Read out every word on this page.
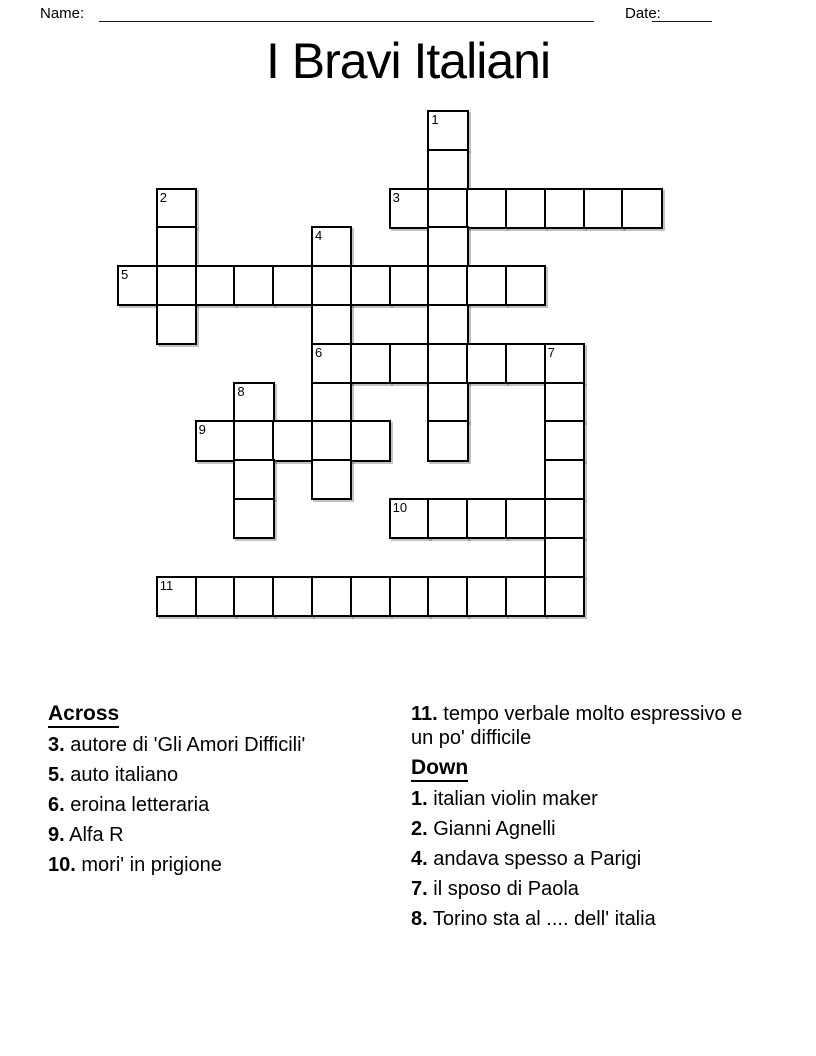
Name:	Date:
I Bravi Italiani
1
2	3
4
5
6	7
8
9
10
11

Across

3. autore di 'Gli Amori Difficili'

5. auto italiano

6. eroina letteraria

9. Alfa R

10. mori' in prigione

11. tempo verbale molto espressivo e un po' difficile

Down

1. italian violin maker

2. Gianni Agnelli

4. andava spesso a Parigi

7. il sposo di Paola

8. Torino sta al .... dell' italia
